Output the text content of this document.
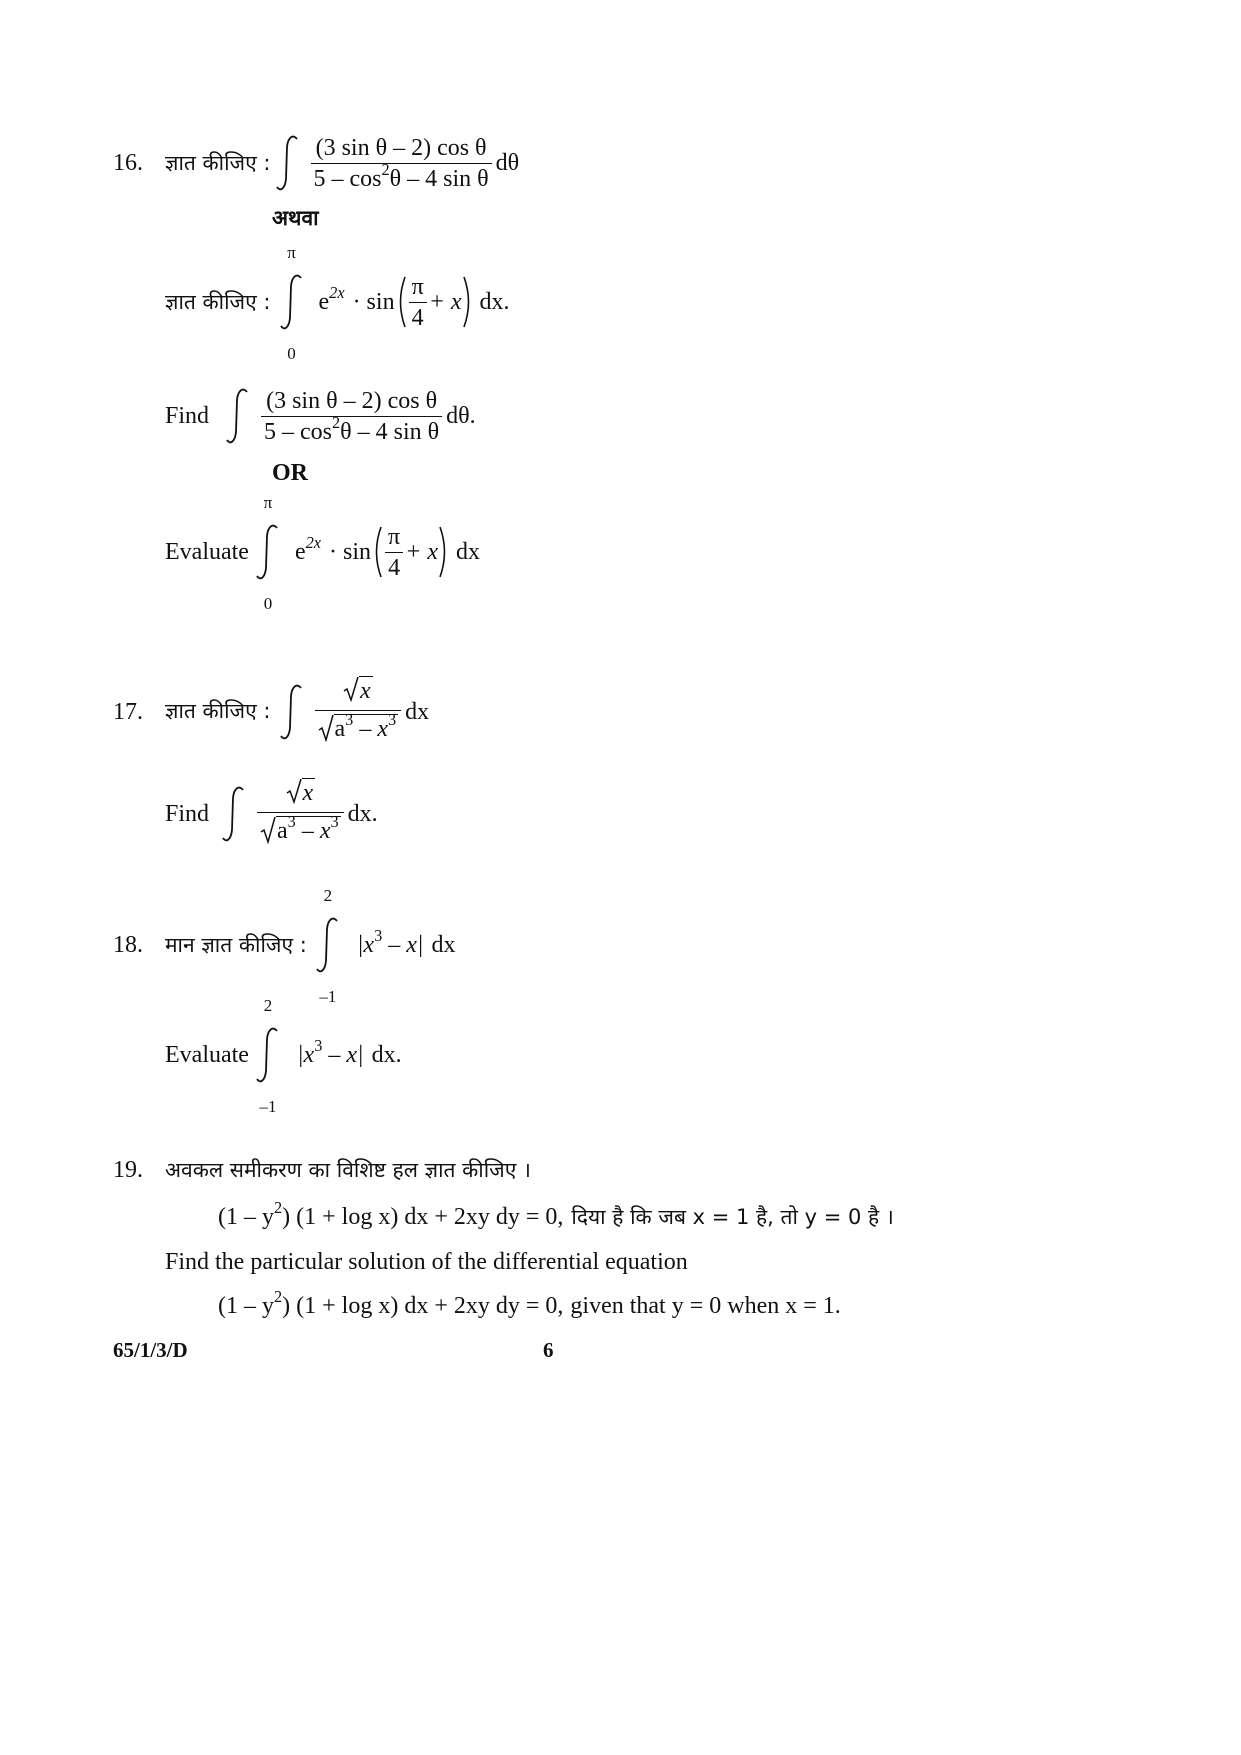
16.	ज्ञात कीजिए : $\frac{\text{(3 sin θ – 2) cos θ}}{5 - \cos^2\theta - 4 \sin \theta}$ dθ
अथवा
ज्ञात कीजिए :
π
0
$e^{2x} \cdot \sin \frac{\pi}{4} + x$ dx.
Find $\frac{\text{(3 sin θ – 2) cos θ}}{5 - \cos^2\theta - 4 \sin \theta} d\theta$.
OR
Evaluate
π
0
$e^{2x} \cdot \sin \frac{\pi}{4} + x$ dx
17.	ज्ञात कीजिए : $\frac{x}{a^3 - x^3}$ dx
Find $\frac{x}{a^3 - x^3}$ dx.
18.	मान ज्ञात कीजिए :
2
–1
$|x^3 - x|$ dx
Evaluate
2
–1
$|x^3 - x|$ dx.
19.	अवकल समीकरण का विशिष्ट हल ज्ञात कीजिए ।
$(1 - y^2)$ (1 + log x) dx + 2xy dy = 0, दिया है कि जब x = 1 है, तो y = 0 है ।
Find the particular solution of the differential equation
$(1 - y^2)$ (1 + log x) dx + 2xy dy = 0, given that y = 0 when x = 1.
65/1/3/D	6
